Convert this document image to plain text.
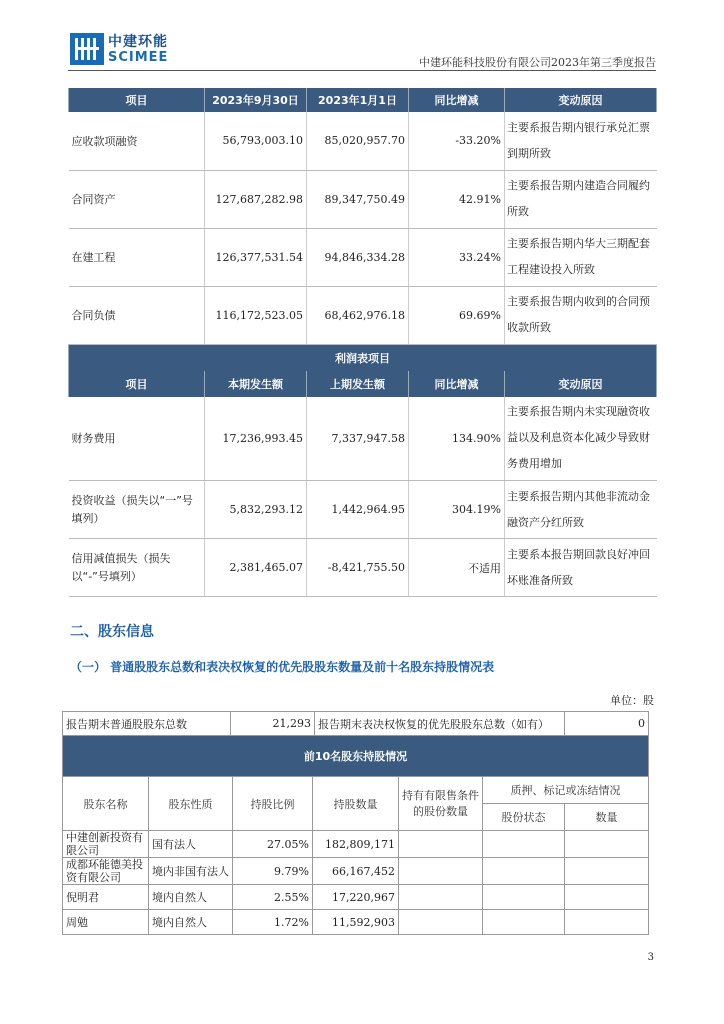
中建环能
SCIMEE	中建环能科技股份有限公司2023年第三季度报告
项目	2023年9月30日	2023年1月1日	同比增减	变动原因
应收款项融资	56,793,003.10	85,020,957.70	-33.20%	主要系报告期内银行承兑汇票
到期所致

合同资产	127,687,282.98	89,347,750.49	42.91%	主要系报告期内建造合同履约
所致

在建工程	126,377,531.54	94,846,334.28	33.24%	主要系报告期内华大三期配套
工程建设投入所致

合同负债	116,172,523.05	68,462,976.18	69.69%	主要系报告期内收到的合同预
收款所致

利润表项目				
项目	本期发生额	上期发生额	同比增减	变动原因
财务费用	17,236,993.45	7,337,947.58	134.90%	主要系报告期内未实现融资收
益以及利息资本化减少导致财
务费用增加

投资收益（损失以“一”号填列）	5,832,293.12	1,442,964.95	304.19%	主要系报告期内其他非流动金
融资产分红所致

信用减值损失（损失以“-”号填列）	2,381,465.07	-8,421,755.50	不适用	主要系本报告期回款良好冲回
坏账准备所致
二、股东信息
（一） 普通股股东总数和表决权恢复的优先股股东数量及前十名股东持股情况表
单位：股
报告期末普通股股东总数	21,293	报告期末表决权恢复的优先股股东总数（如有）	0
前10名股东持股情况						
股东名称	股东性质	持股比例	持股数量	持有有限售条件的股份数量	质押、标记或冻结情况	
					股份状态	数量
中建创新投资有限公司	国有法人	27.05%	182,809,171			
成都环能德美投资有限公司	境内非国有法人	9.79%	66,167,452			
倪明君	境内自然人	2.55%	17,220,967			
周勉	境内自然人	1.72%	11,592,903			
3
